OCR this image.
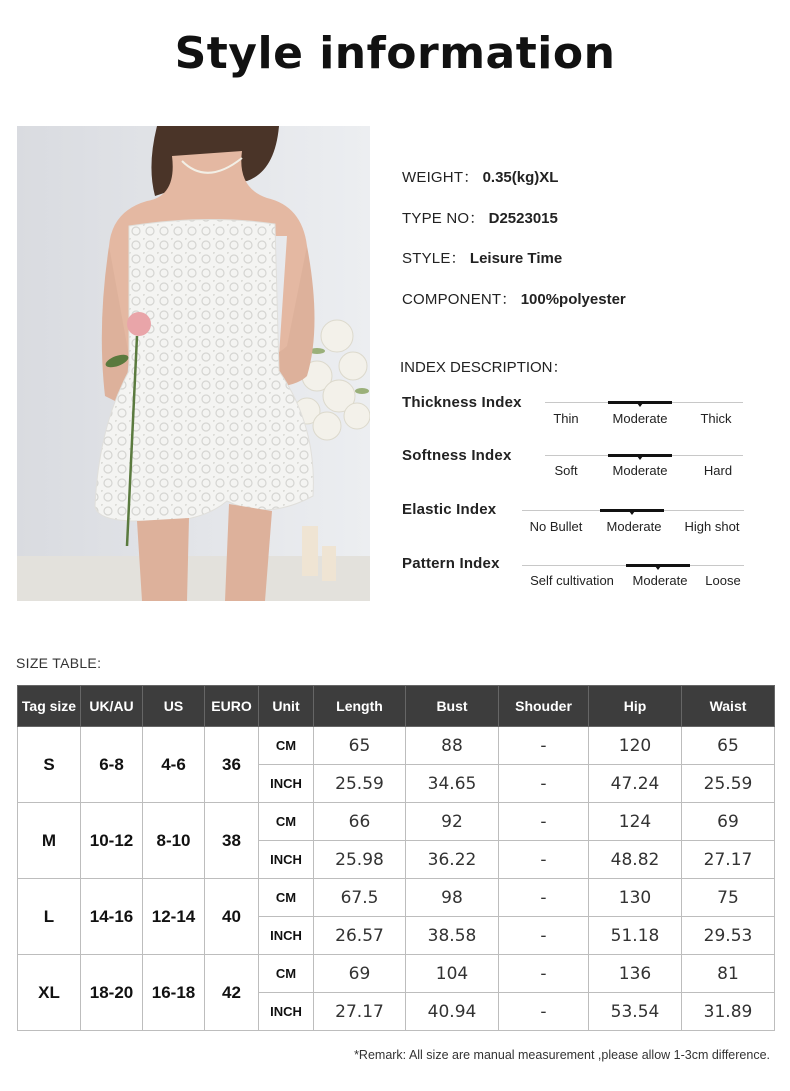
Style information
WEIGHT： 0.35(kg)XL
TYPE NO： D2523015
STYLE： Leisure Time
COMPONENT： 100%polyester
INDEX DESCRIPTION：
Thickness Index
Thin	Moderate	Thick
Softness Index
Soft	Moderate	Hard
Elastic Index
No Bullet	Moderate	High shot
Pattern Index
Self cultivation	Moderate	Loose
SIZE TABLE:
Tag size	UK/AU	US	EURO	Unit	Length	Bust	Shouder	Hip	Waist
S	6-8	4-6	36	CM	65	88	-	120	65
				INCH	25.59	34.65	-	47.24	25.59
M	10-12	8-10	38	CM	66	92	-	124	69
				INCH	25.98	36.22	-	48.82	27.17
L	14-16	12-14	40	CM	67.5	98	-	130	75
				INCH	26.57	38.58	-	51.18	29.53
XL	18-20	16-18	42	CM	69	104	-	136	81
				INCH	27.17	40.94	-	53.54	31.89
*Remark: All size are manual measurement ,please allow 1-3cm difference.
